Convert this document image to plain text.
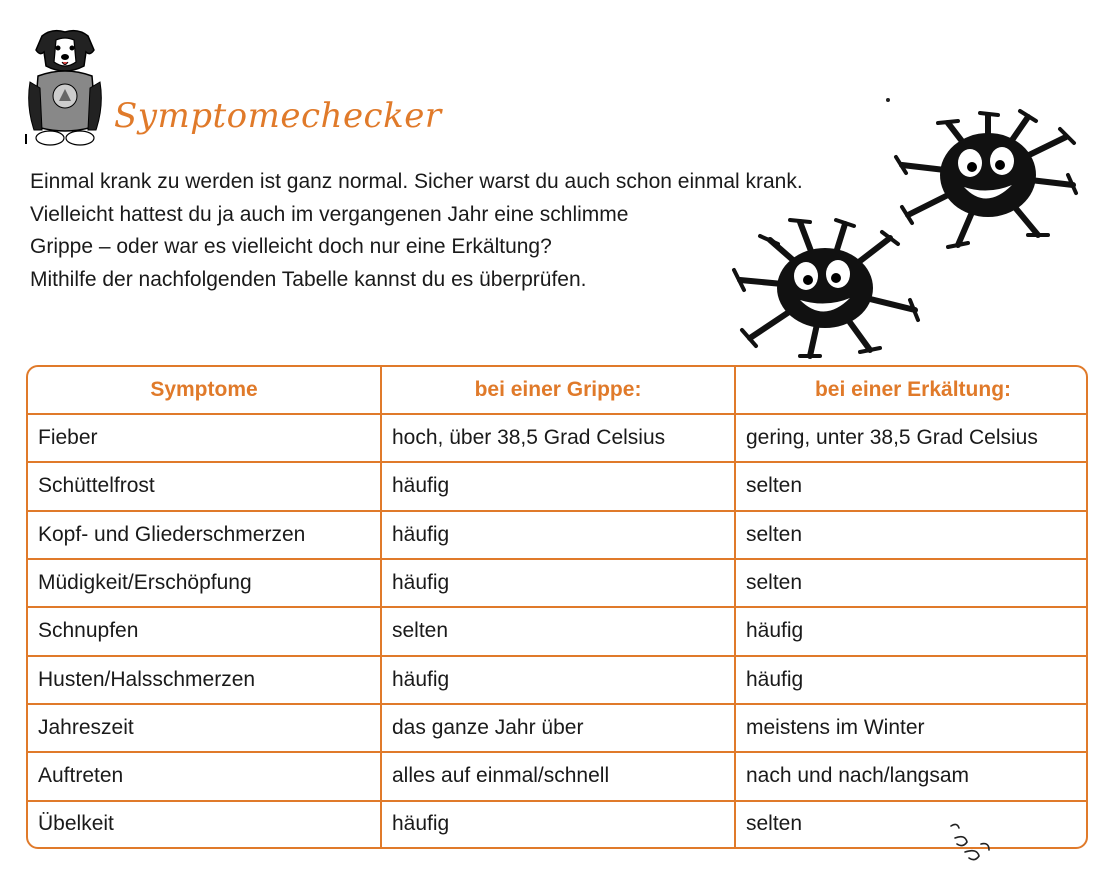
Symptomechecker
Einmal krank zu werden ist ganz normal. Sicher warst du auch schon einmal krank.
Vielleicht hattest du ja auch im vergangenen Jahr eine schlimme
Grippe – oder war es vielleicht doch nur eine Erkältung?
Mithilfe der nachfolgenden Tabelle kannst du es überprüfen.
Symptome	bei einer Grippe:	bei einer Erkältung:
Fieber	hoch, über 38,5 Grad Celsius	gering, unter 38,5 Grad Celsius
Schüttelfrost	häufig	selten
Kopf- und Gliederschmerzen	häufig	selten
Müdigkeit/Erschöpfung	häufig	selten
Schnupfen	selten	häufig
Husten/Halsschmerzen	häufig	häufig
Jahreszeit	das ganze Jahr über	meistens im Winter
Auftreten	alles auf einmal/schnell	nach und nach/langsam
Übelkeit	häufig	selten
